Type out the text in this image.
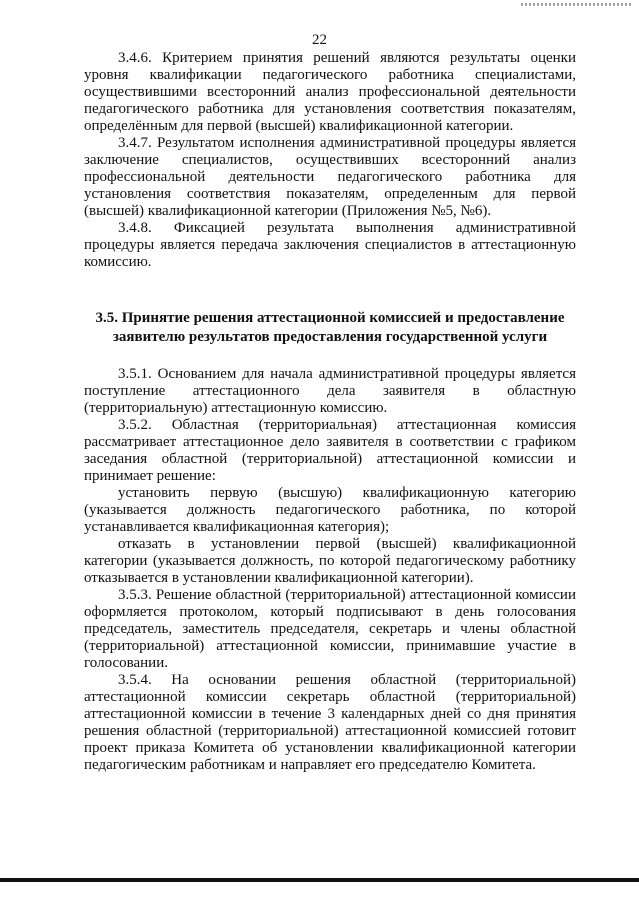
22

3.4.6. Критерием принятия решений являются результаты оценки уровня квалификации педагогического работника специалистами, осуществившими всесторонний анализ профессиональной деятельности педагогического работника для установления соответствия показателям, определённым для первой (высшей) квалификационной категории.

3.4.7. Результатом исполнения административной процедуры является заключение специалистов, осуществивших всесторонний анализ профессиональной деятельности педагогического работника для установления соответствия показателям, определенным для первой (высшей) квалификационной категории (Приложения №5, №6).

3.4.8. Фиксацией результата выполнения административной процедуры является передача заключения специалистов в аттестационную комиссию.

3.5. Принятие решения аттестационной комиссией и предоставление заявителю результатов предоставления государственной услуги

3.5.1. Основанием для начала административной процедуры является поступление аттестационного дела заявителя в областную (территориальную) аттестационную комиссию.

3.5.2. Областная (территориальная) аттестационная комиссия рассматривает аттестационное дело заявителя в соответствии с графиком заседания областной (территориальной) аттестационной комиссии и принимает решение:

установить первую (высшую) квалификационную категорию (указывается должность педагогического работника, по которой устанавливается квалификационная категория);

отказать в установлении первой (высшей) квалификационной категории (указывается должность, по которой педагогическому работнику отказывается в установлении квалификационной категории).

3.5.3. Решение областной (территориальной) аттестационной комиссии оформляется протоколом, который подписывают в день голосования председатель, заместитель председателя, секретарь и члены областной (территориальной) аттестационной комиссии, принимавшие участие в голосовании.

3.5.4. На основании решения областной (территориальной) аттестационной комиссии секретарь областной (территориальной) аттестационной комиссии в течение 3 календарных дней со дня принятия решения областной (территориальной) аттестационной комиссией готовит проект приказа Комитета об установлении квалификационной категории педагогическим работникам и направляет его председателю Комитета.
